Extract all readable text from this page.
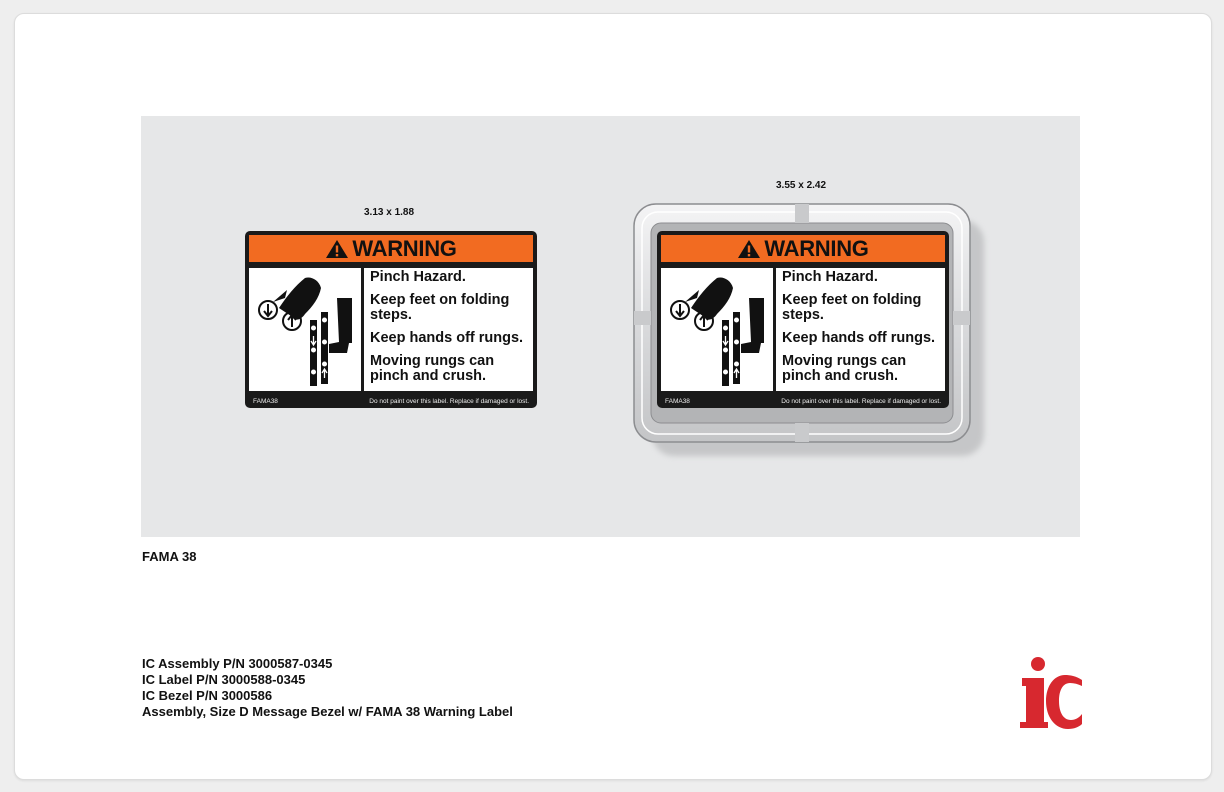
3.13 x 1.88
WARNING
Pinch Hazard.
Keep feet on folding
steps.
Keep hands off rungs.
Moving rungs can
pinch and crush.
FAMA38	Do not paint over this label. Replace if damaged or lost.
3.55 x 2.42
WARNING
Pinch Hazard.
Keep feet on folding
steps.
Keep hands off rungs.
Moving rungs can
pinch and crush.
FAMA38	Do not paint over this label. Replace if damaged or lost.
FAMA 38
IC Assembly P/N 3000587-0345
IC Label P/N 3000588-0345
IC Bezel P/N 3000586
Assembly, Size D Message Bezel w/ FAMA 38 Warning Label
